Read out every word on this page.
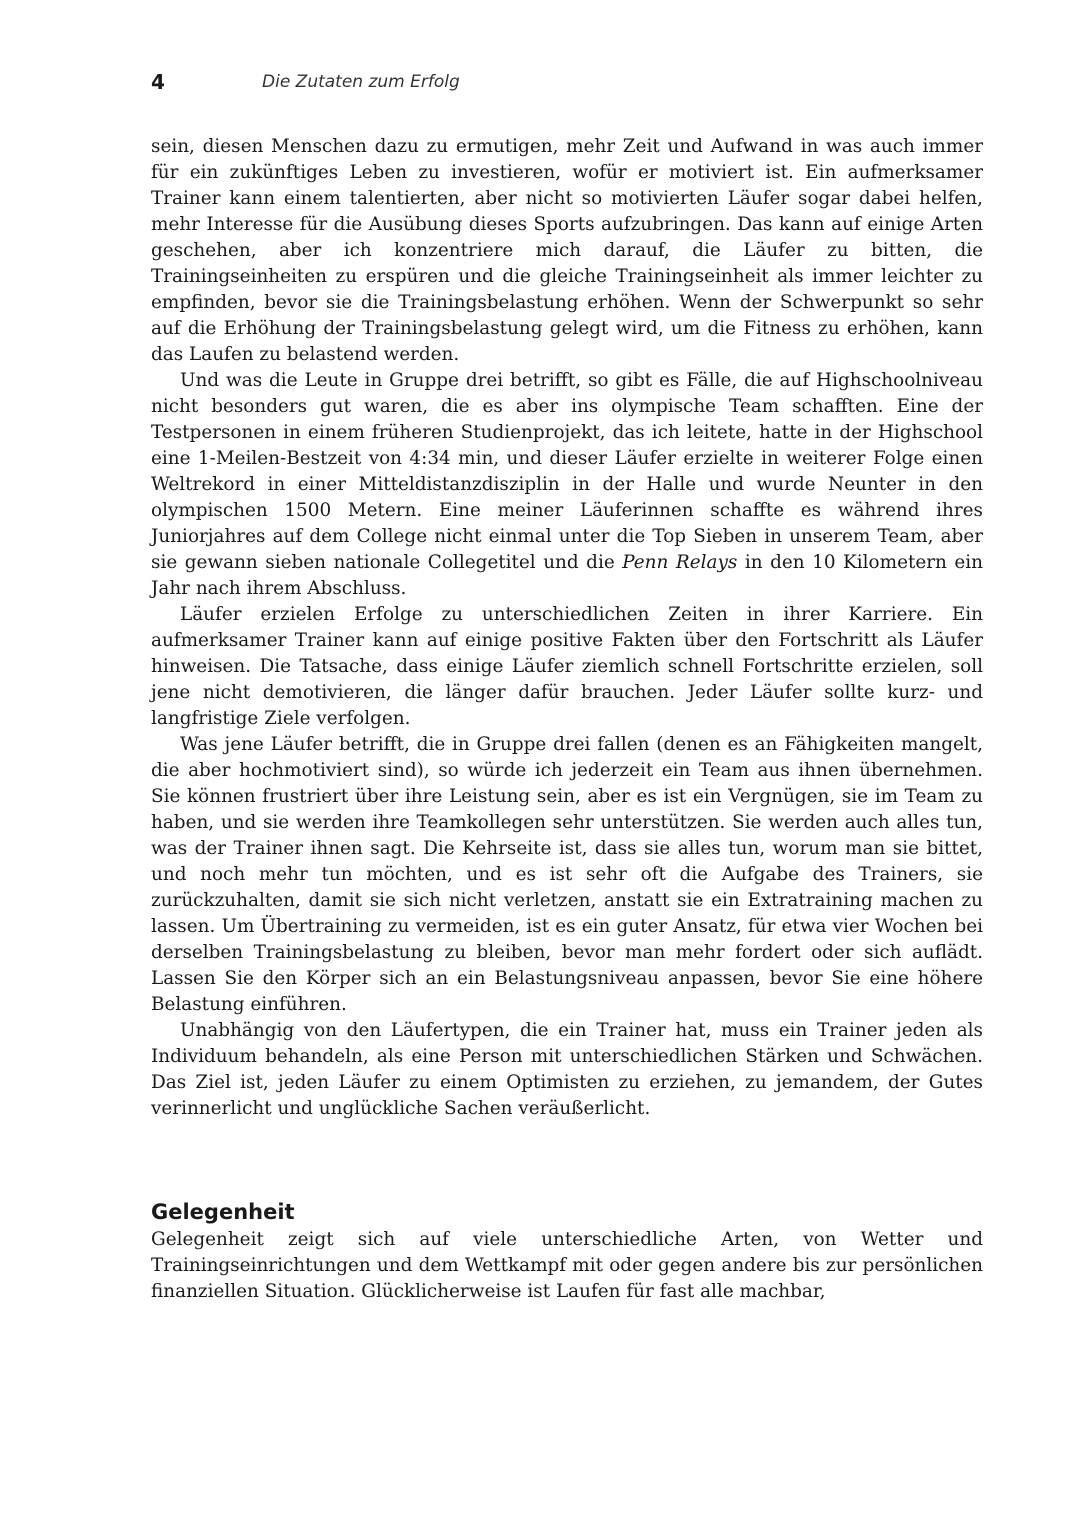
4	Die Zutaten zum Erfolg

sein, diesen Menschen dazu zu ermutigen, mehr Zeit und Aufwand in was auch immer für ein zukünftiges Leben zu investieren, wofür er motiviert ist. Ein aufmerksamer Trainer kann einem talentierten, aber nicht so motivierten Läufer sogar dabei helfen, mehr Interesse für die Ausübung dieses Sports aufzubringen. Das kann auf einige Arten geschehen, aber ich konzentriere mich darauf, die Läufer zu bitten, die Trainingseinheiten zu erspüren und die gleiche Trainingseinheit als immer leichter zu empfinden, bevor sie die Trainingsbelastung erhöhen. Wenn der Schwerpunkt so sehr auf die Erhöhung der Trainingsbelastung gelegt wird, um die Fitness zu erhöhen, kann das Laufen zu belastend werden.

Und was die Leute in Gruppe drei betrifft, so gibt es Fälle, die auf Highschoolniveau nicht besonders gut waren, die es aber ins olympische Team schafften. Eine der Testpersonen in einem früheren Studienprojekt, das ich leitete, hatte in der Highschool eine 1-Meilen-Bestzeit von 4:34 min, und dieser Läufer erzielte in weiterer Folge einen Weltrekord in einer Mitteldistanzdisziplin in der Halle und wurde Neunter in den olympischen 1500 Metern. Eine meiner Läuferinnen schaffte es während ihres Juniorjahres auf dem College nicht einmal unter die Top Sieben in unserem Team, aber sie gewann sieben nationale Collegetitel und die Penn Relays in den 10 Kilometern ein Jahr nach ihrem Abschluss.

Läufer erzielen Erfolge zu unterschiedlichen Zeiten in ihrer Karriere. Ein aufmerksamer Trainer kann auf einige positive Fakten über den Fortschritt als Läufer hinweisen. Die Tatsache, dass einige Läufer ziemlich schnell Fortschritte erzielen, soll jene nicht demotivieren, die länger dafür brauchen. Jeder Läufer sollte kurz- und langfristige Ziele verfolgen.

Was jene Läufer betrifft, die in Gruppe drei fallen (denen es an Fähigkeiten mangelt, die aber hochmotiviert sind), so würde ich jederzeit ein Team aus ihnen übernehmen. Sie können frustriert über ihre Leistung sein, aber es ist ein Vergnügen, sie im Team zu haben, und sie werden ihre Teamkollegen sehr unterstützen. Sie werden auch alles tun, was der Trainer ihnen sagt. Die Kehrseite ist, dass sie alles tun, worum man sie bittet, und noch mehr tun möchten, und es ist sehr oft die Aufgabe des Trainers, sie zurückzuhalten, damit sie sich nicht verletzen, anstatt sie ein Extratraining machen zu lassen. Um Übertraining zu vermeiden, ist es ein guter Ansatz, für etwa vier Wochen bei derselben Trainingsbelastung zu bleiben, bevor man mehr fordert oder sich auflädt. Lassen Sie den Körper sich an ein Belastungsniveau anpassen, bevor Sie eine höhere Belastung einführen.

Unabhängig von den Läufertypen, die ein Trainer hat, muss ein Trainer jeden als Individuum behandeln, als eine Person mit unterschiedlichen Stärken und Schwächen. Das Ziel ist, jeden Läufer zu einem Optimisten zu erziehen, zu jemandem, der Gutes verinnerlicht und unglückliche Sachen veräußerlicht.

Gelegenheit

Gelegenheit zeigt sich auf viele unterschiedliche Arten, von Wetter und Trainingseinrichtungen und dem Wettkampf mit oder gegen andere bis zur persönlichen finanziellen Situation. Glücklicherweise ist Laufen für fast alle machbar,
